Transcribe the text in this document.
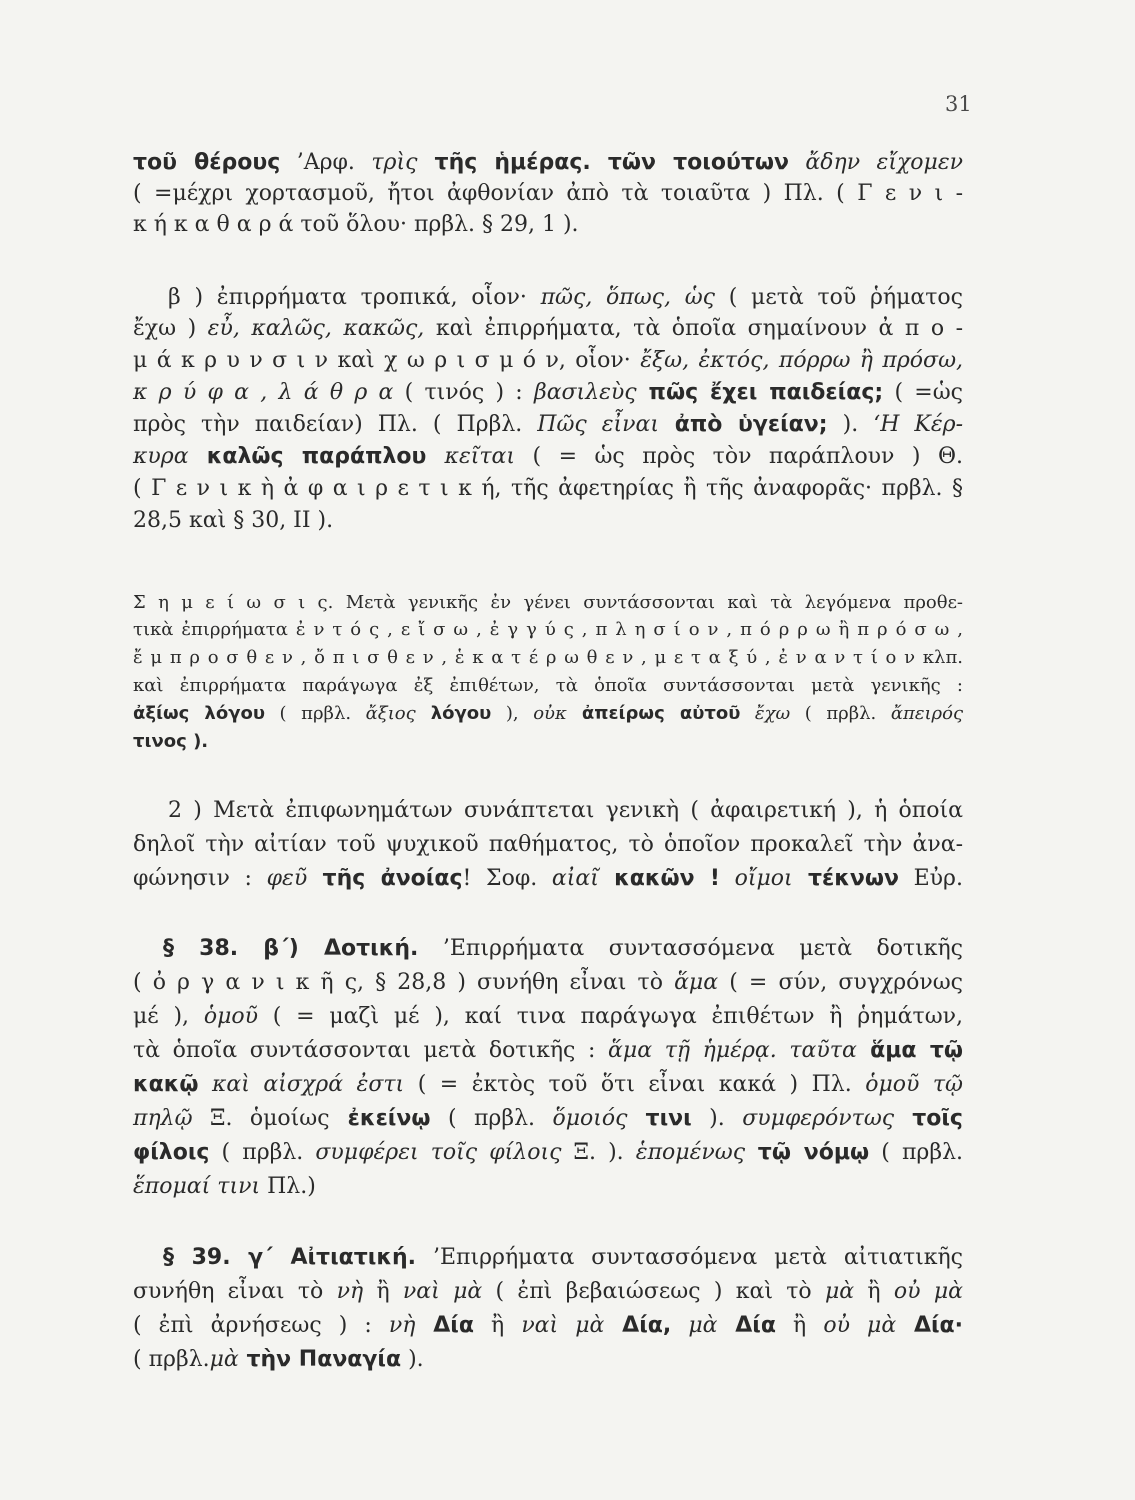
31
τοῦ θέρους ’Αρφ. τρὶς τῆς ἡμέρας. τῶν τοιούτων ἄδην εἴχομεν
( =μέχρι χορτασμοῦ, ἤτοι ἀφθονίαν ἀπὸ τὰ τοιαῦτα ) Πλ. ( Γ ε ν ι -
κ ή κ α θ α ρ ά τοῦ ὅλου· πρβλ. § 29, 1 ).
β ) ἐπιρρήματα τροπικά, οἷον· πῶς, ὅπως, ὡς ( μετὰ τοῦ ῥήματος
ἔχω ) εὖ, καλῶς, κακῶς, καὶ ἐπιρρήματα, τὰ ὁποῖα σημαίνουν ἀ π ο -
μ ά κ ρ υ ν σ ι ν καὶ χ ω ρ ι σ μ ό ν, οἷον· ἔξω, ἐκτός, πόρρω ἢ πρόσω,
κ ρ ύ φ α , λ ά θ ρ α ( τινός ) : βασιλεὺς πῶς ἔχει παιδείας; ( =ὡς
πρὸς τὴν παιδείαν) Πλ. ( Πρβλ. Πῶς εἶναι ἀπὸ ὑγείαν; ). ‘Η Κέρ-
κυρα καλῶς παράπλου κεῖται ( = ὡς πρὸς τὸν παράπλουν ) Θ.
( Γ ε ν ι κ ὴ ἀ φ α ι ρ ε τ ι κ ή, τῆς ἀφετηρίας ἢ τῆς ἀναφορᾶς· πρβλ. §
28,5 καὶ § 30, ΙΙ ).
Σ η μ ε ί ω σ ι ς. Μετὰ γενικῆς ἐν γένει συντάσσονται καὶ τὰ λεγόμενα προθε-
τικὰ ἐπιρρήματα ἐ ν τ ό ς , ε ἴ σ ω , ἐ γ γ ύ ς , π λ η σ ί ο ν , π ό ρ ρ ω ἢ π ρ ό σ ω ,
ἔ μ π ρ ο σ θ ε ν , ὄ π ι σ θ ε ν , ἑ κ α τ έ ρ ω θ ε ν , μ ε τ α ξ ύ , ἐ ν α ν τ ί ο ν κλπ.
καὶ ἐπιρρήματα παράγωγα ἐξ ἐπιθέτων, τὰ ὁποῖα συντάσσονται μετὰ γενικῆς :
ἀξίως λόγου ( πρβλ. ἄξιος λόγου ), οὐκ ἀπείρως αὐτοῦ ἔχω ( πρβλ. ἄπειρός
τινος ).
2 ) Μετὰ ἐπιφωνημάτων συνάπτεται γενικὴ ( ἀφαιρετική ), ἡ ὁποία
δηλοῖ τὴν αἰτίαν τοῦ ψυχικοῦ παθήματος, τὸ ὁποῖον προκαλεῖ τὴν ἀνα-
φώνησιν : φεῦ τῆς ἀνοίας! Σοφ. αἰαῖ κακῶν ! οἴμοι τέκνων Εὐρ.
§ 38. β΄) Δοτική. ’Επιρρήματα συντασσόμενα μετὰ δοτικῆς
( ὀ ρ γ α ν ι κ ῆ ς, § 28,8 ) συνήθη εἶναι τὸ ἅμα ( = σύν, συγχρόνως
μέ ), ὁμοῦ ( = μαζὶ μέ ), καί τινα παράγωγα ἐπιθέτων ἢ ῥημάτων,
τὰ ὁποῖα συντάσσονται μετὰ δοτικῆς : ἅμα τῇ ἡμέρᾳ. ταῦτα ἅμα τῷ
κακῷ καὶ αἰσχρά ἐστι ( = ἐκτὸς τοῦ ὅτι εἶναι κακά ) Πλ. ὁμοῦ τῷ
πηλῷ Ξ. ὁμοίως ἐκείνῳ ( πρβλ. ὅμοιός τινι ). συμφερόντως τοῖς
φίλοις ( πρβλ. συμφέρει τοῖς φίλοις Ξ. ). ἑπομένως τῷ νόμῳ ( πρβλ.
ἕπομαί τινι Πλ.)
§ 39. γ΄ Αἰτιατική. ’Επιρρήματα συντασσόμενα μετὰ αἰτιατικῆς
συνήθη εἶναι τὸ νὴ ἢ ναὶ μὰ ( ἐπὶ βεβαιώσεως ) καὶ τὸ μὰ ἢ οὐ μὰ
( ἐπὶ ἀρνήσεως ) : νὴ Δία ἢ ναὶ μὰ Δία, μὰ Δία ἢ οὐ μὰ Δία·
( πρβλ.μὰ τὴν Παναγία ).
